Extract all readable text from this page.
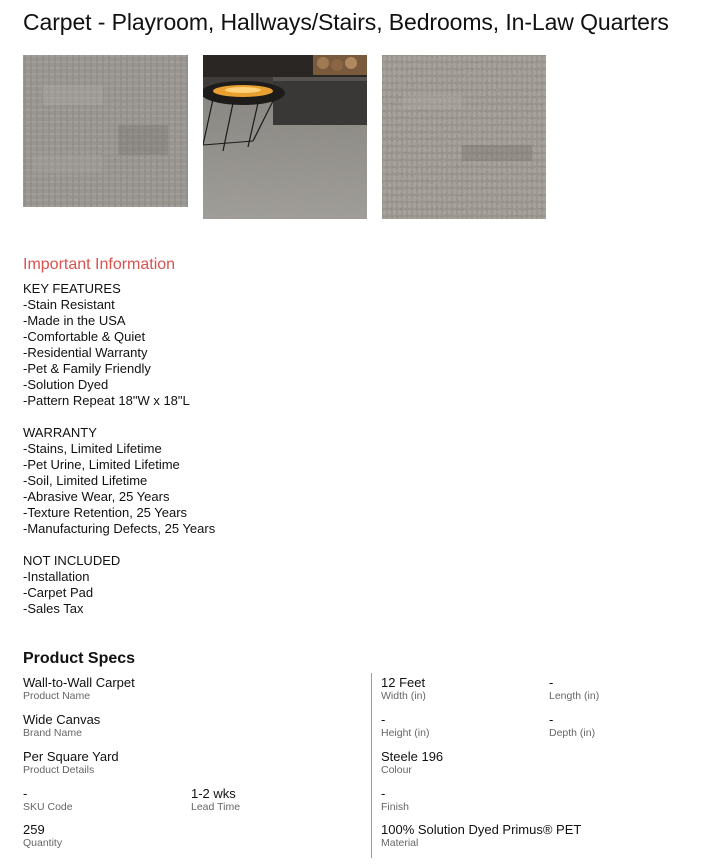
Carpet - Playroom, Hallways/Stairs, Bedrooms, In-Law Quarters
Important Information
KEY FEATURES
-Stain Resistant
-Made in the USA
-Comfortable & Quiet
-Residential Warranty
-Pet & Family Friendly
-Solution Dyed
-Pattern Repeat 18"W x 18"L
WARRANTY
-Stains, Limited Lifetime
-Pet Urine, Limited Lifetime
-Soil, Limited Lifetime
-Abrasive Wear, 25 Years
-Texture Retention, 25 Years
-Manufacturing Defects, 25 Years
NOT INCLUDED
-Installation
-Carpet Pad
-Sales Tax
Product Specs
Wall-to-Wall Carpet
Product Name
Wide Canvas
Brand Name
Per Square Yard
Product Details
-
SKU Code
1-2 wks
Lead Time
259
Quantity
12 Feet
Width (in)
-
Length (in)
-
Height (in)
-
Depth (in)
Steele 196
Colour
-
Finish
100% Solution Dyed Primus® PET
Material
